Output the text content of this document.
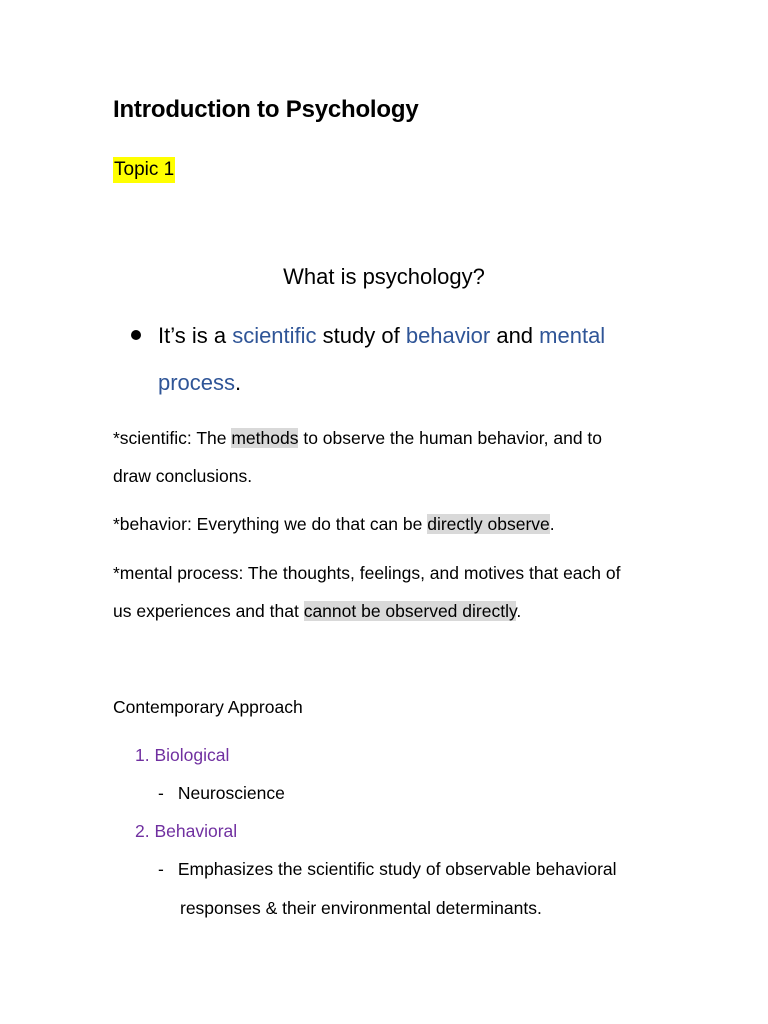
Introduction to Psychology
Topic 1
What is psychology?
It’s is a scientific study of behavior and mental
process.
*scientific: The methods to observe the human behavior, and to
draw conclusions.
*behavior: Everything we do that can be directly observe.
*mental process: The thoughts, feelings, and motives that each of
us experiences and that cannot be observed directly.
Contemporary Approach
1. Biological
- Neuroscience
2. Behavioral
- Emphasizes the scientific study of observable behavioral
responses & their environmental determinants.
